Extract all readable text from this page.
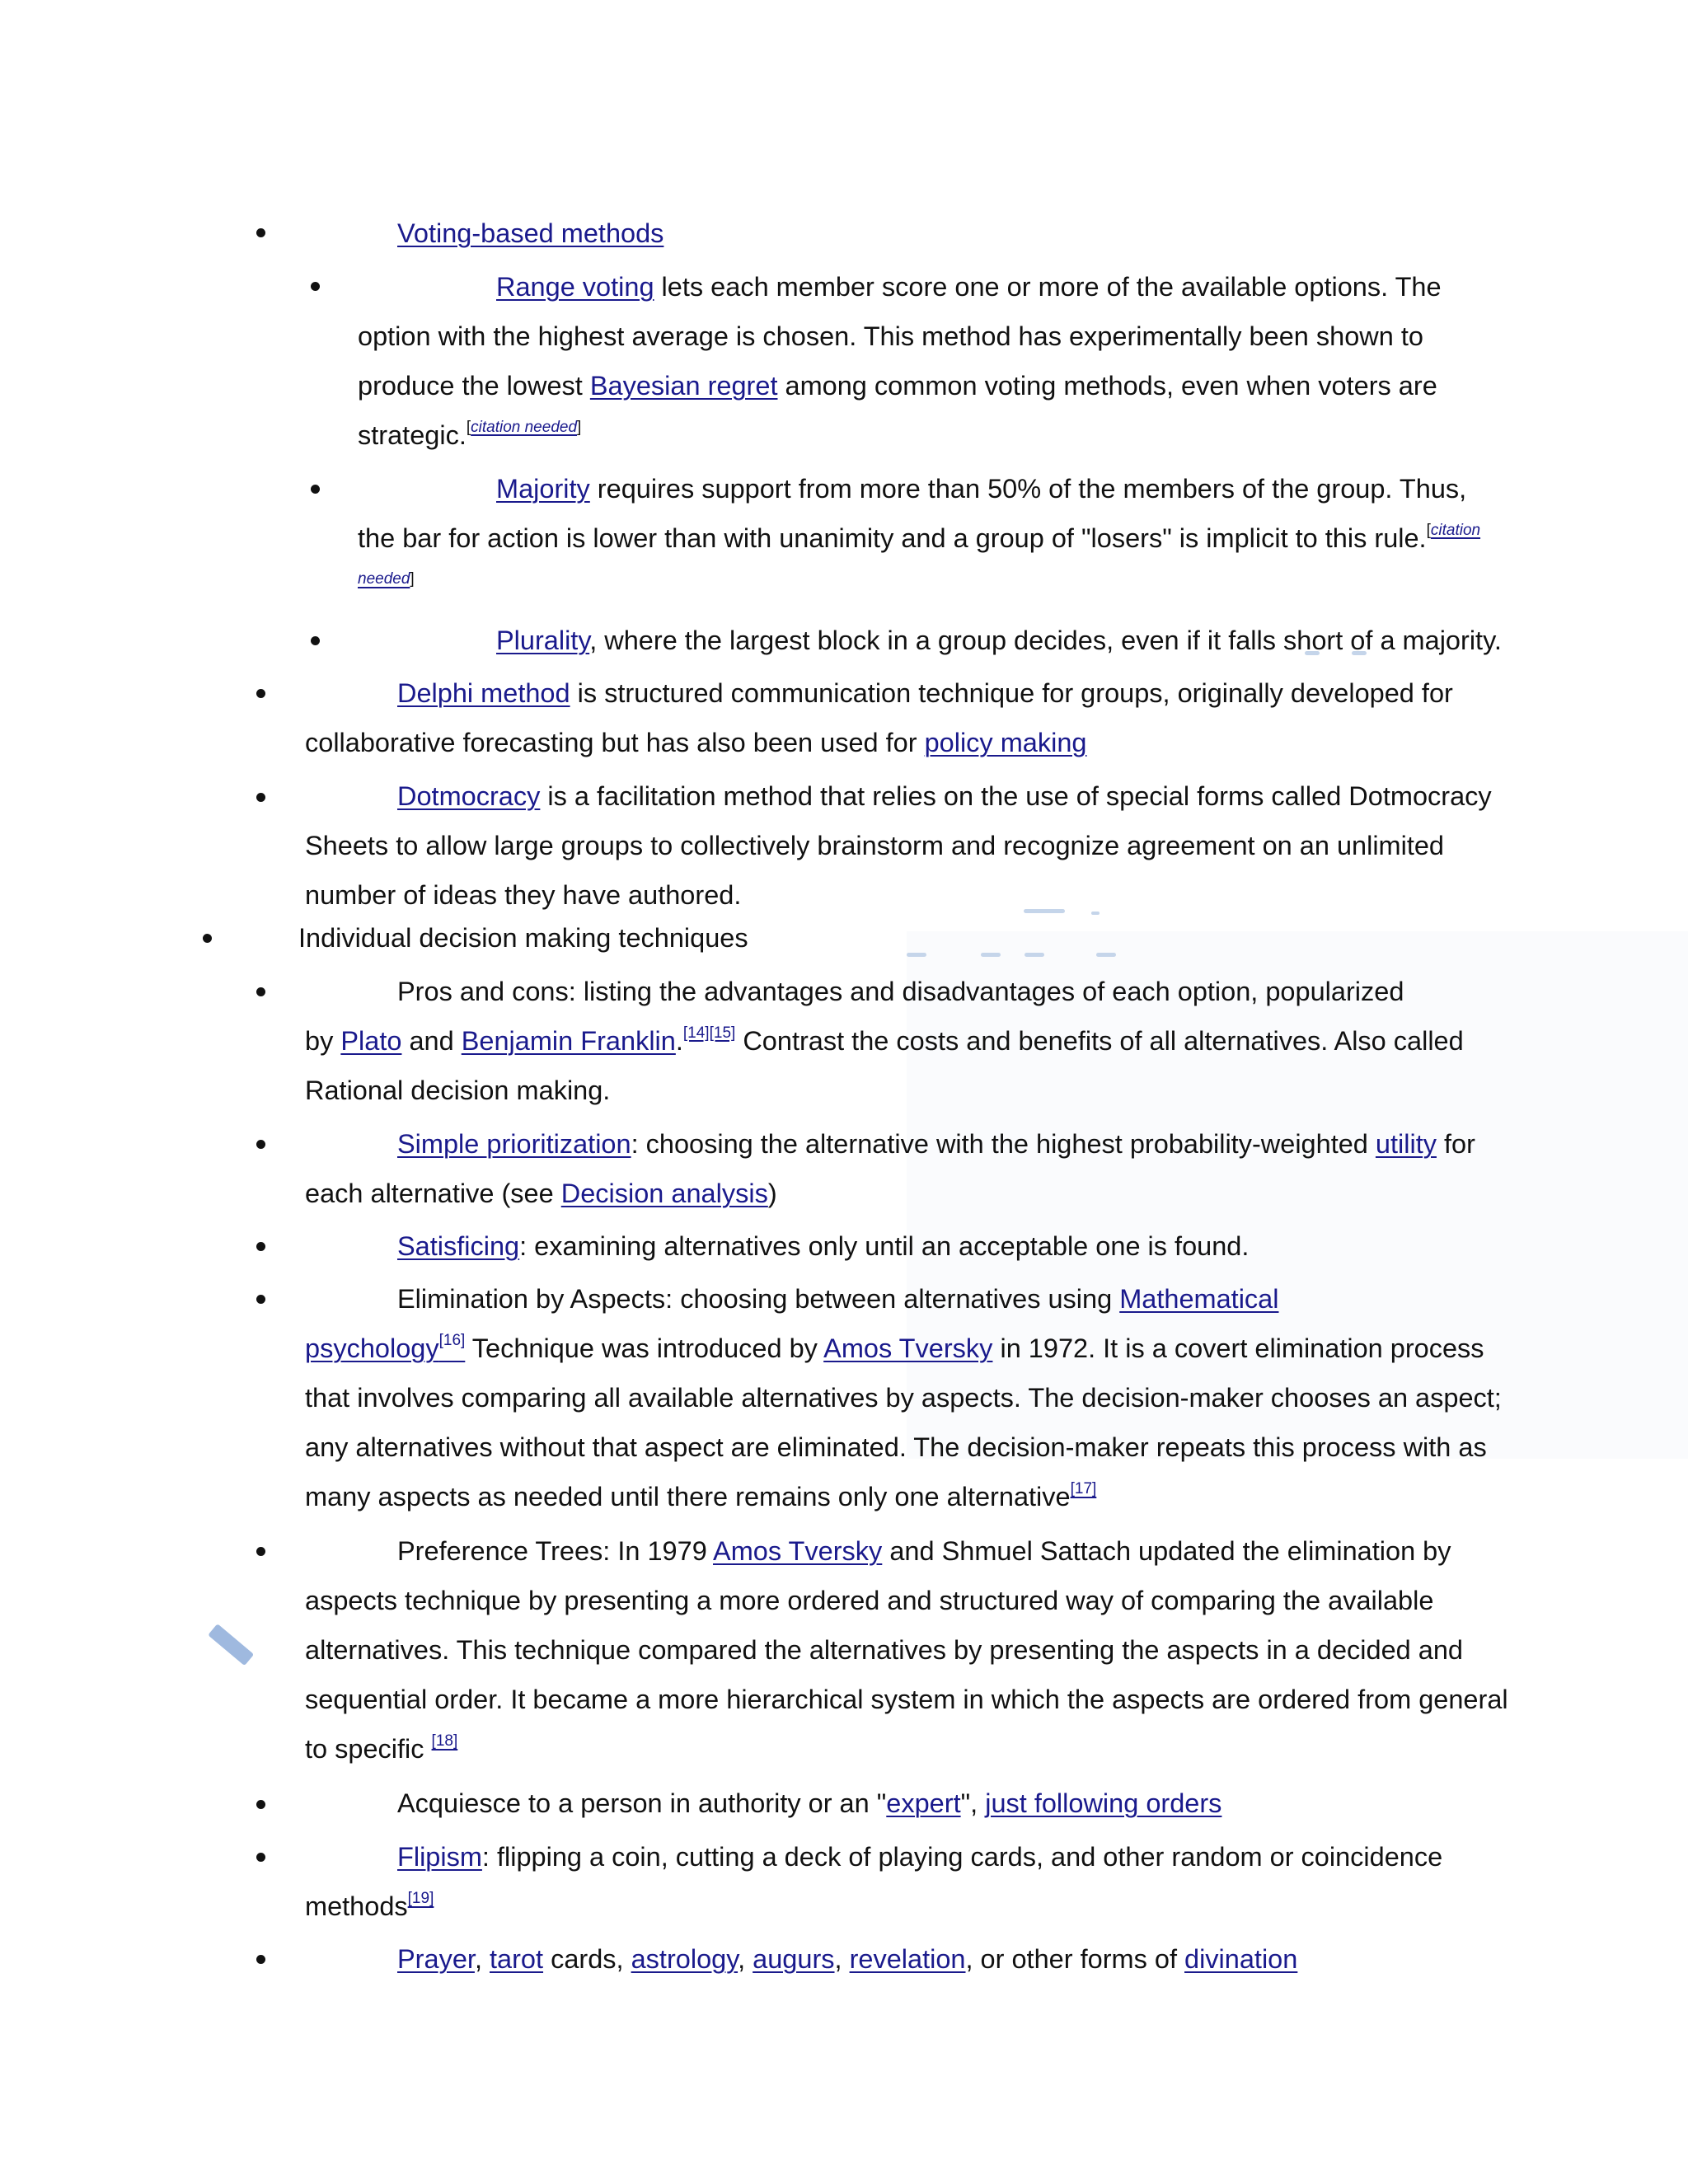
Voting-based methods
Range voting lets each member score one or more of the available options. The
option with the highest average is chosen. This method has experimentally been shown to
produce the lowest Bayesian regret among common voting methods, even when voters are
strategic.[citation needed]
Majority requires support from more than 50% of the members of the group. Thus,
the bar for action is lower than with unanimity and a group of "losers" is implicit to this rule.$^{[citation}$
needed]
Plurality, where the largest block in a group decides, even if it falls short of a majority.
Delphi method is structured communication technique for groups, originally developed for
collaborative forecasting but has also been used for policy making
Dotmocracy is a facilitation method that relies on the use of special forms called Dotmocracy
Sheets to allow large groups to collectively brainstorm and recognize agreement on an unlimited
number of ideas they have authored.
Individual decision making techniques
Pros and cons: listing the advantages and disadvantages of each option, popularized
by Plato and Benjamin Franklin.[14][15] Contrast the costs and benefits of all alternatives. Also called
Rational decision making.
Simple prioritization: choosing the alternative with the highest probability-weighted utility for
each alternative (see Decision analysis)
Satisficing: examining alternatives only until an acceptable one is found.
Elimination by Aspects: choosing between alternatives using Mathematical
psychology[16] Technique was introduced by Amos Tversky in 1972. It is a covert elimination process
that involves comparing all available alternatives by aspects. The decision-maker chooses an aspect;
any alternatives without that aspect are eliminated. The decision-maker repeats this process with as
many aspects as needed until there remains only one alternative[17]
Preference Trees: In 1979 Amos Tversky and Shmuel Sattach updated the elimination by
aspects technique by presenting a more ordered and structured way of comparing the available
alternatives. This technique compared the alternatives by presenting the aspects in a decided and
sequential order. It became a more hierarchical system in which the aspects are ordered from general
to specific [18]
Acquiesce to a person in authority or an "expert", just following orders
Flipism: flipping a coin, cutting a deck of playing cards, and other random or coincidence
methods[19]
Prayer, tarot cards, astrology, augurs, revelation, or other forms of divination
